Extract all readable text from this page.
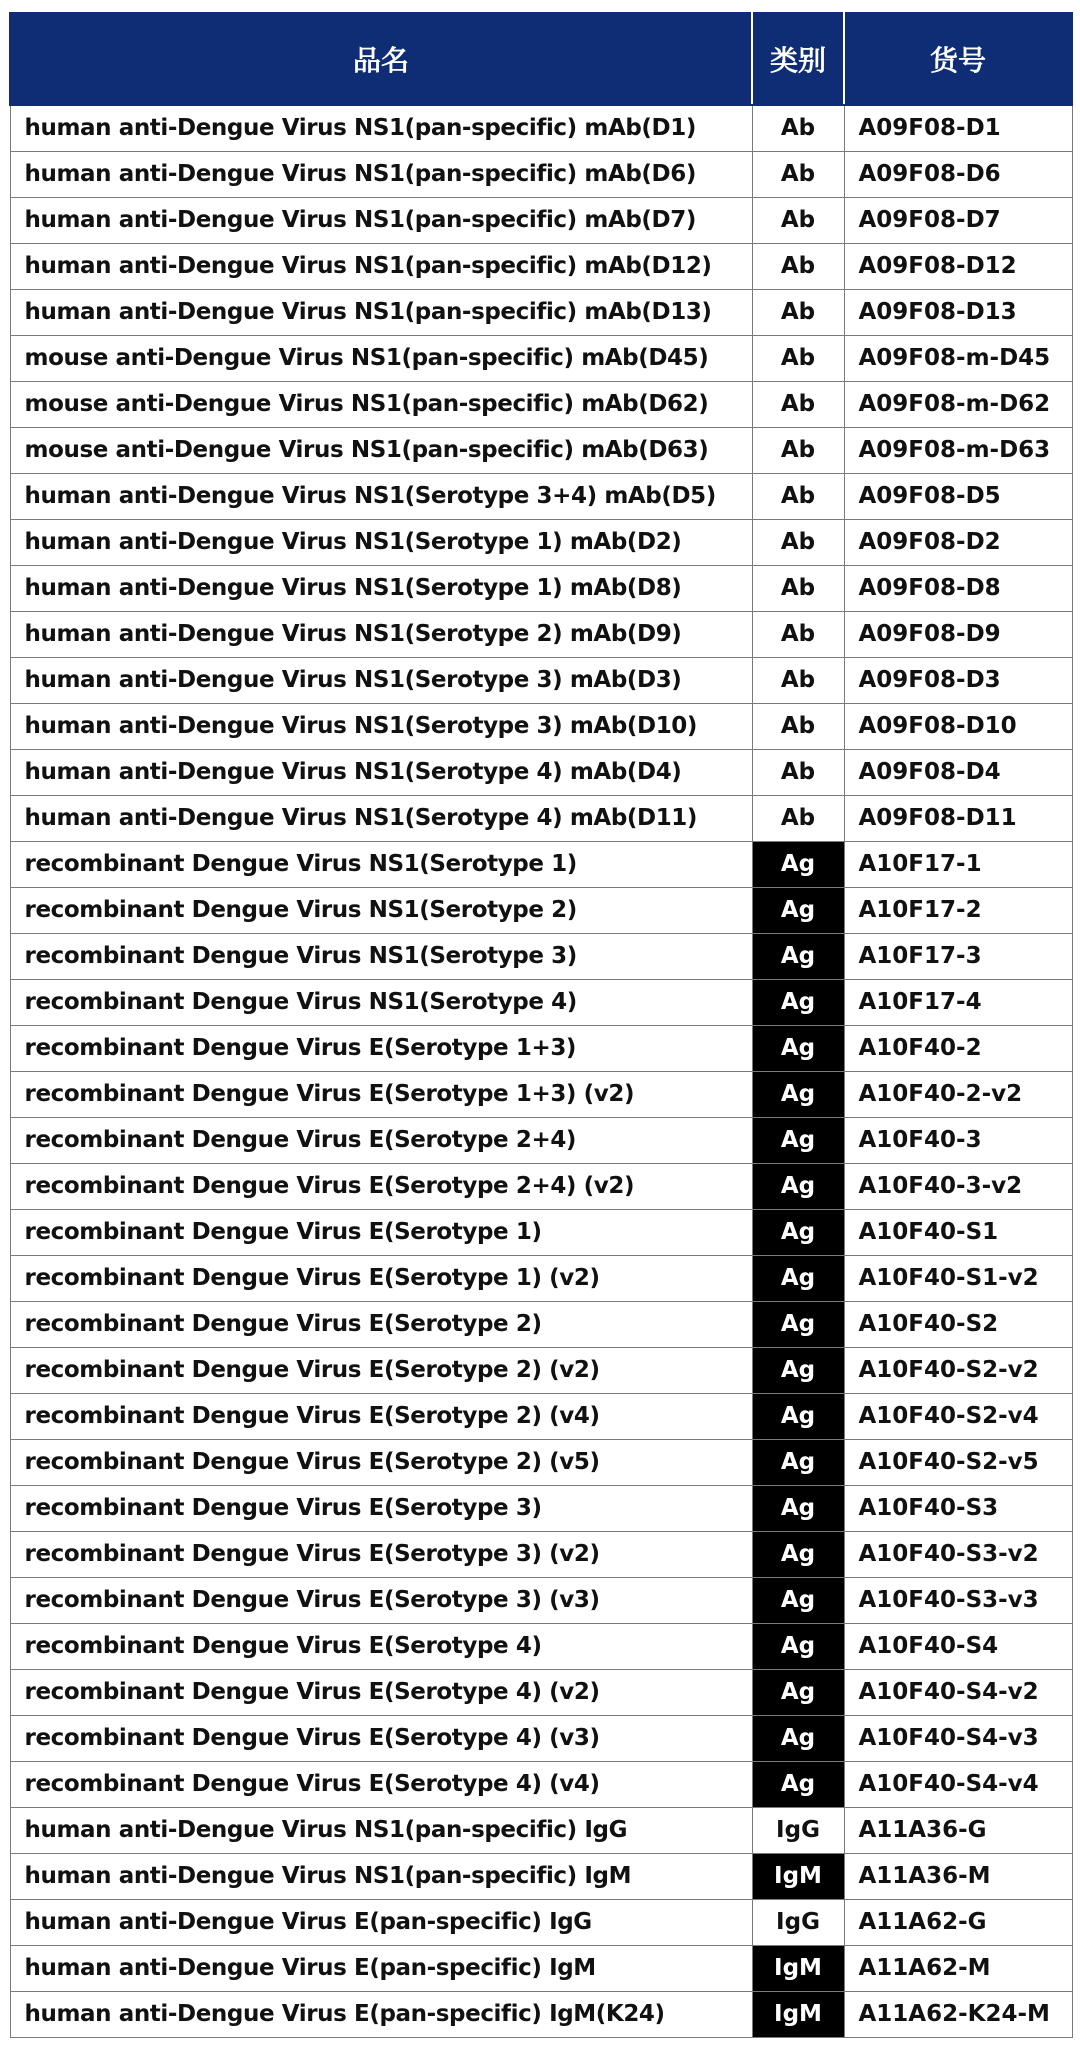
品名	类别	货号
human anti-Dengue Virus NS1(pan-specific) mAb(D1)	Ab	A09F08-D1
human anti-Dengue Virus NS1(pan-specific) mAb(D6)	Ab	A09F08-D6
human anti-Dengue Virus NS1(pan-specific) mAb(D7)	Ab	A09F08-D7
human anti-Dengue Virus NS1(pan-specific) mAb(D12)	Ab	A09F08-D12
human anti-Dengue Virus NS1(pan-specific) mAb(D13)	Ab	A09F08-D13
mouse anti-Dengue Virus NS1(pan-specific) mAb(D45)	Ab	A09F08-m-D45
mouse anti-Dengue Virus NS1(pan-specific) mAb(D62)	Ab	A09F08-m-D62
mouse anti-Dengue Virus NS1(pan-specific) mAb(D63)	Ab	A09F08-m-D63
human anti-Dengue Virus NS1(Serotype 3+4) mAb(D5)	Ab	A09F08-D5
human anti-Dengue Virus NS1(Serotype 1) mAb(D2)	Ab	A09F08-D2
human anti-Dengue Virus NS1(Serotype 1) mAb(D8)	Ab	A09F08-D8
human anti-Dengue Virus NS1(Serotype 2) mAb(D9)	Ab	A09F08-D9
human anti-Dengue Virus NS1(Serotype 3) mAb(D3)	Ab	A09F08-D3
human anti-Dengue Virus NS1(Serotype 3) mAb(D10)	Ab	A09F08-D10
human anti-Dengue Virus NS1(Serotype 4) mAb(D4)	Ab	A09F08-D4
human anti-Dengue Virus NS1(Serotype 4) mAb(D11)	Ab	A09F08-D11
recombinant Dengue Virus NS1(Serotype 1)	Ag	A10F17-1
recombinant Dengue Virus NS1(Serotype 2)	Ag	A10F17-2
recombinant Dengue Virus NS1(Serotype 3)	Ag	A10F17-3
recombinant Dengue Virus NS1(Serotype 4)	Ag	A10F17-4
recombinant Dengue Virus E(Serotype 1+3)	Ag	A10F40-2
recombinant Dengue Virus E(Serotype 1+3) (v2)	Ag	A10F40-2-v2
recombinant Dengue Virus E(Serotype 2+4)	Ag	A10F40-3
recombinant Dengue Virus E(Serotype 2+4) (v2)	Ag	A10F40-3-v2
recombinant Dengue Virus E(Serotype 1)	Ag	A10F40-S1
recombinant Dengue Virus E(Serotype 1) (v2)	Ag	A10F40-S1-v2
recombinant Dengue Virus E(Serotype 2)	Ag	A10F40-S2
recombinant Dengue Virus E(Serotype 2) (v2)	Ag	A10F40-S2-v2
recombinant Dengue Virus E(Serotype 2) (v4)	Ag	A10F40-S2-v4
recombinant Dengue Virus E(Serotype 2) (v5)	Ag	A10F40-S2-v5
recombinant Dengue Virus E(Serotype 3)	Ag	A10F40-S3
recombinant Dengue Virus E(Serotype 3) (v2)	Ag	A10F40-S3-v2
recombinant Dengue Virus E(Serotype 3) (v3)	Ag	A10F40-S3-v3
recombinant Dengue Virus E(Serotype 4)	Ag	A10F40-S4
recombinant Dengue Virus E(Serotype 4) (v2)	Ag	A10F40-S4-v2
recombinant Dengue Virus E(Serotype 4) (v3)	Ag	A10F40-S4-v3
recombinant Dengue Virus E(Serotype 4) (v4)	Ag	A10F40-S4-v4
human anti-Dengue Virus NS1(pan-specific) IgG	IgG	A11A36-G
human anti-Dengue Virus NS1(pan-specific) IgM	IgM	A11A36-M
human anti-Dengue Virus E(pan-specific) IgG	IgG	A11A62-G
human anti-Dengue Virus E(pan-specific) IgM	IgM	A11A62-M
human anti-Dengue Virus E(pan-specific) IgM(K24)	IgM	A11A62-K24-M
